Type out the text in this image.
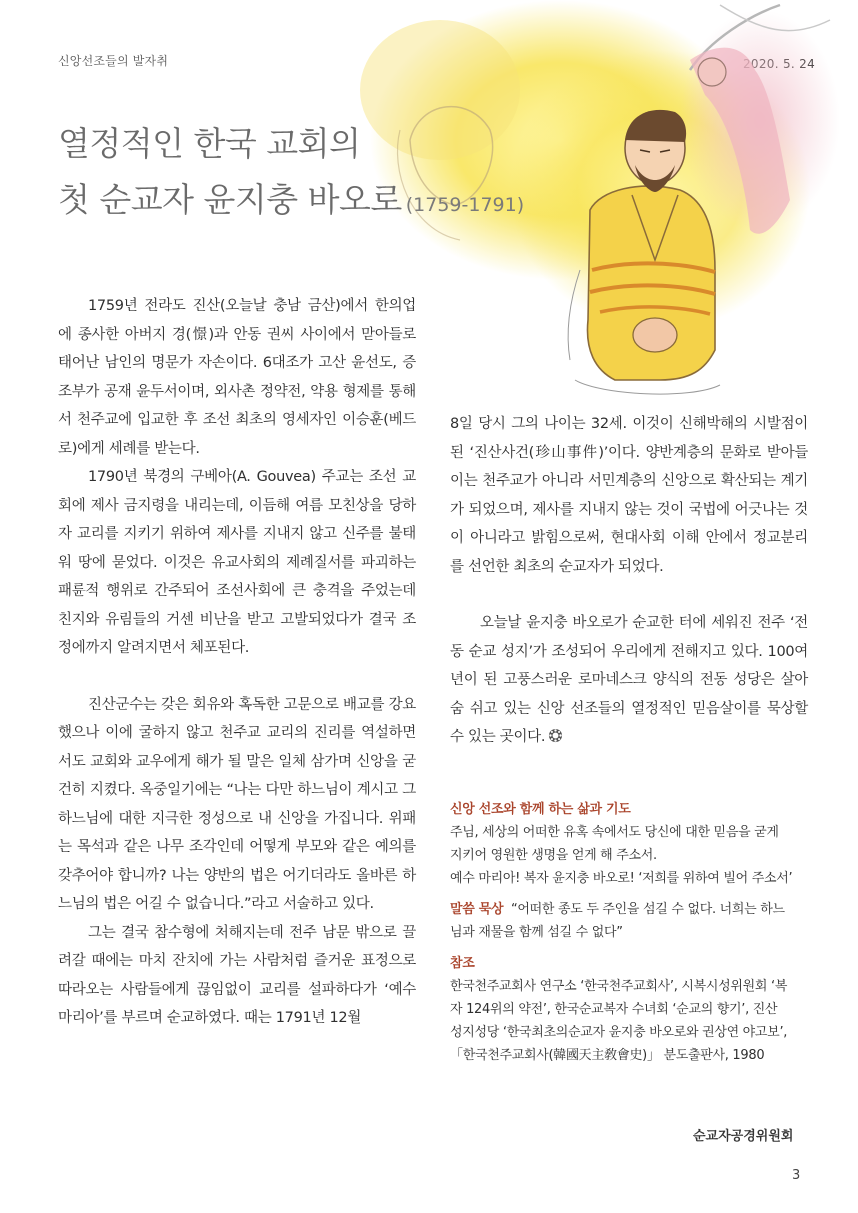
신앙선조들의 발자취
열정적인 한국 교회의
첫 순교자 윤지충 바오로 (1759-1791)

1759년 전라도 진산(오늘날 충남 금산)에서 한의업에 종사한 아버지 경(憬)과 안동 권씨 사이에서 맏아들로 태어난 남인의 명문가 자손이다. 6대조가 고산 윤선도, 증조부가 공재 윤두서이며, 외사촌 정약전, 약용 형제를 통해서 천주교에 입교한 후 조선 최초의 영세자인 이승훈(베드로)에게 세례를 받는다.

1790년 북경의 구베아(A. Gouvea) 주교는 조선 교회에 제사 금지령을 내리는데, 이듬해 여름 모친상을 당하자 교리를 지키기 위하여 제사를 지내지 않고 신주를 불태워 땅에 묻었다. 이것은 유교사회의 제례질서를 파괴하는 패륜적 행위로 간주되어 조선사회에 큰 충격을 주었는데 친지와 유림들의 거센 비난을 받고 고발되었다가 결국 조정에까지 알려지면서 체포된다.

진산군수는 갖은 회유와 혹독한 고문으로 배교를 강요했으나 이에 굴하지 않고 천주교 교리의 진리를 역설하면서도 교회와 교우에게 해가 될 말은 일체 삼가며 신앙을 굳건히 지켰다. 옥중일기에는 “나는 다만 하느님이 계시고 그 하느님에 대한 지극한 정성으로 내 신앙을 가집니다. 위패는 목석과 같은 나무 조각인데 어떻게 부모와 같은 예의를 갖추어야 합니까? 나는 양반의 법은 어기더라도 올바른 하느님의 법은 어길 수 없습니다.”라고 서술하고 있다.

그는 결국 참수형에 처해지는데 전주 남문 밖으로 끌려갈 때에는 마치 잔치에 가는 사람처럼 즐거운 표정으로 따라오는 사람들에게 끊임없이 교리를 설파하다가 ‘예수 마리아’를 부르며 순교하였다. 때는 1791년 12월

8일 당시 그의 나이는 32세. 이것이 신해박해의 시발점이 된 ‘진산사건(珍山事件)’이다. 양반계층의 문화로 받아들이는 천주교가 아니라 서민계층의 신앙으로 확산되는 계기가 되었으며, 제사를 지내지 않는 것이 국법에 어긋나는 것이 아니라고 밝힘으로써, 현대사회 이해 안에서 정교분리를 선언한 최초의 순교자가 되었다.

오늘날 윤지충 바오로가 순교한 터에 세워진 전주 ‘전동 순교 성지’가 조성되어 우리에게 전해지고 있다. 100여 년이 된 고풍스러운 로마네스크 양식의 전동 성당은 살아 숨 쉬고 있는 신앙 선조들의 열정적인 믿음살이를 묵상할 수 있는 곳이다.

신앙 선조와 함께 하는 삶과 기도
주님, 세상의 어떠한 유혹 속에서도 당신에 대한 믿음을 굳게
지키어 영원한 생명을 얻게 해 주소서.
예수 마리아! 복자 윤지충 바오로! ‘저희를 위하여 빌어 주소서’
말씀 묵상 “어떠한 종도 두 주인을 섬길 수 없다. 너희는 하느
님과 재물을 함께 섬길 수 없다”
참조
한국천주교회사 연구소 ‘한국천주교회사’, 시복시성위원회 ‘복
자 124위의 약전’, 한국순교복자 수녀회 ‘순교의 향기’, 진산
성지성당 ‘한국최초의순교자 윤지충 바오로와 권상연 야고보’,
「한국천주교회사(韓國天主敎會史)」 분도출판사, 1980
순교자공경위원회
3
